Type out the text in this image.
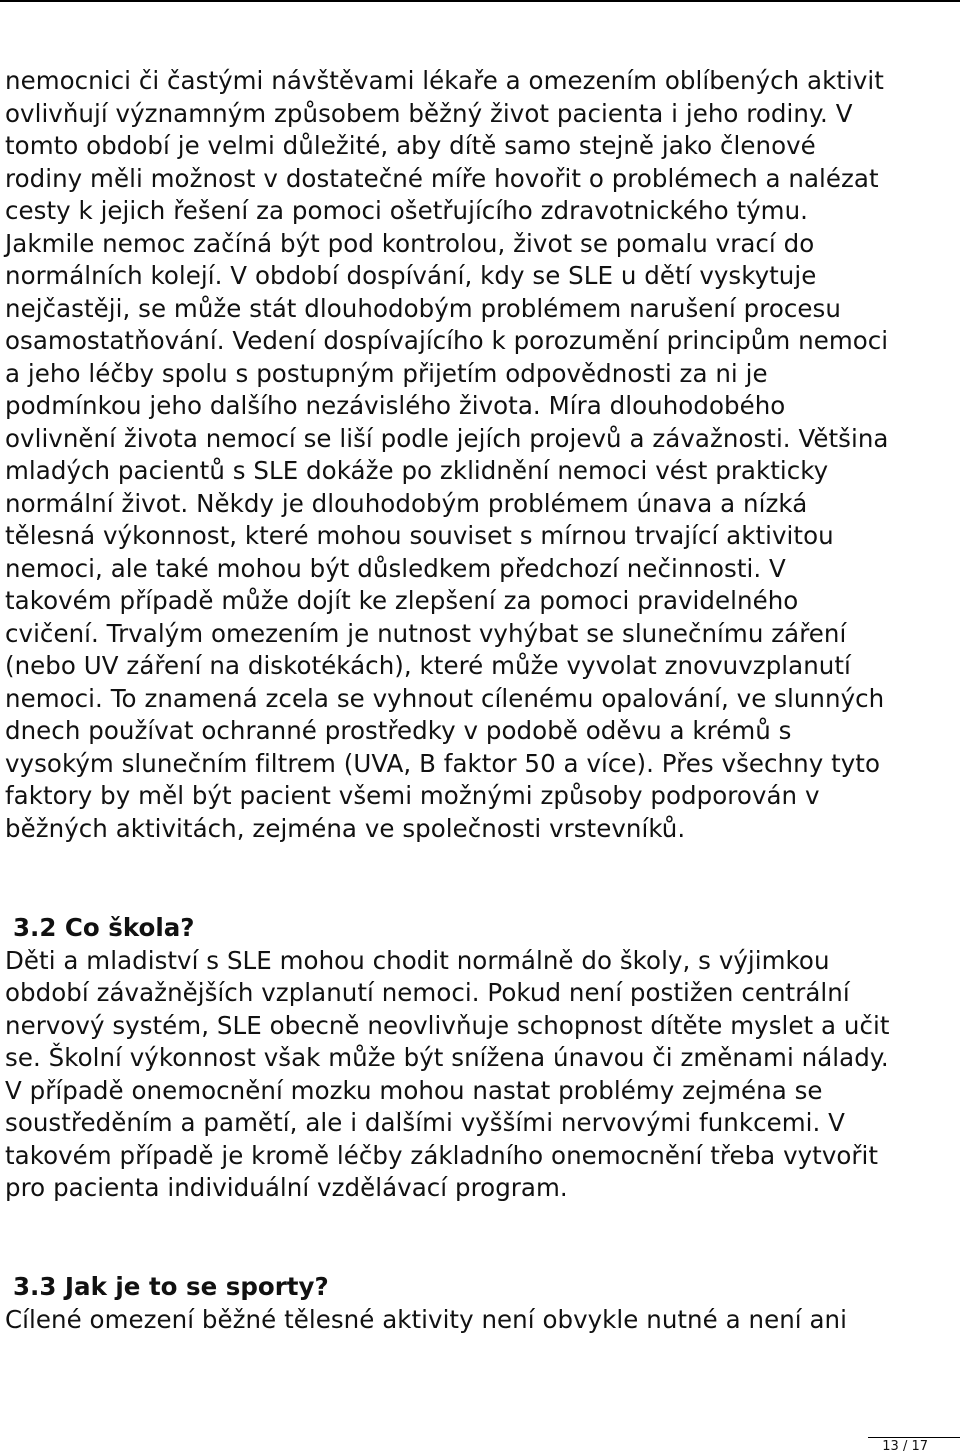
nemocnici či častými návštěvami lékaře a omezením oblíbených aktivit

ovlivňují významným způsobem běžný život pacienta i jeho rodiny. V

tomto období je velmi důležité, aby dítě samo stejně jako členové

rodiny měli možnost v dostatečné míře hovořit o problémech a nalézat

cesty k jejich řešení za pomoci ošetřujícího zdravotnického týmu.

Jakmile nemoc začíná být pod kontrolou, život se pomalu vrací do

normálních kolejí. V období dospívání, kdy se SLE u dětí vyskytuje

nejčastěji, se může stát dlouhodobým problémem narušení procesu

osamostatňování. Vedení dospívajícího k porozumění principům nemoci

a jeho léčby spolu s postupným přijetím odpovědnosti za ni je

podmínkou jeho dalšího nezávislého života. Míra dlouhodobého

ovlivnění života nemocí se liší podle jejích projevů a závažnosti. Většina

mladých pacientů s SLE dokáže po zklidnění nemoci vést prakticky

normální život. Někdy je dlouhodobým problémem únava a nízká

tělesná výkonnost, které mohou souviset s mírnou trvající aktivitou

nemoci, ale také mohou být důsledkem předchozí nečinnosti. V

takovém případě může dojít ke zlepšení za pomoci pravidelného

cvičení. Trvalým omezením je nutnost vyhýbat se slunečnímu záření

(nebo UV záření na diskotékách), které může vyvolat znovuvzplanutí

nemoci. To znamená zcela se vyhnout cílenému opalování, ve slunných

dnech používat ochranné prostředky v podobě oděvu a krémů s

vysokým slunečním filtrem (UVA, B faktor 50 a více). Přes všechny tyto

faktory by měl být pacient všemi možnými způsoby podporován v

běžných aktivitách, zejména ve společnosti vrstevníků.

3.2 Co škola?

Děti a mladiství s SLE mohou chodit normálně do školy, s výjimkou

období závažnějších vzplanutí nemoci. Pokud není postižen centrální

nervový systém, SLE obecně neovlivňuje schopnost dítěte myslet a učit

se. Školní výkonnost však může být snížena únavou či změnami nálady.

V případě onemocnění mozku mohou nastat problémy zejména se

soustředěním a pamětí, ale i dalšími vyššími nervovými funkcemi. V

takovém případě je kromě léčby základního onemocnění třeba vytvořit

pro pacienta individuální vzdělávací program.

3.3 Jak je to se sporty?

Cílené omezení běžné tělesné aktivity není obvykle nutné a není ani

13 / 17
